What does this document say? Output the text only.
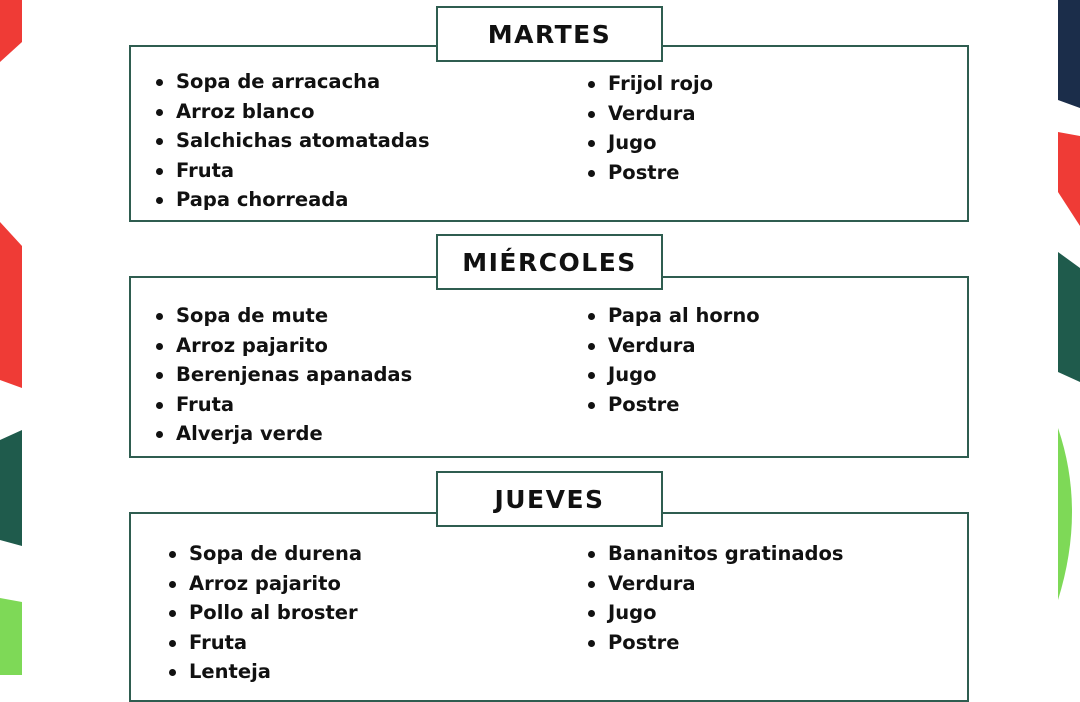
MARTES
Sopa de arracacha
Arroz blanco
Salchichas atomatadas
Fruta
Papa chorreada
Frijol rojo
Verdura
Jugo
Postre
MIÉRCOLES
Sopa de mute
Arroz pajarito
Berenjenas apanadas
Fruta
Alverja verde
Papa al horno
Verdura
Jugo
Postre
JUEVES
Sopa de durena
Arroz pajarito
Pollo al broster
Fruta
Lenteja
Bananitos gratinados
Verdura
Jugo
Postre
